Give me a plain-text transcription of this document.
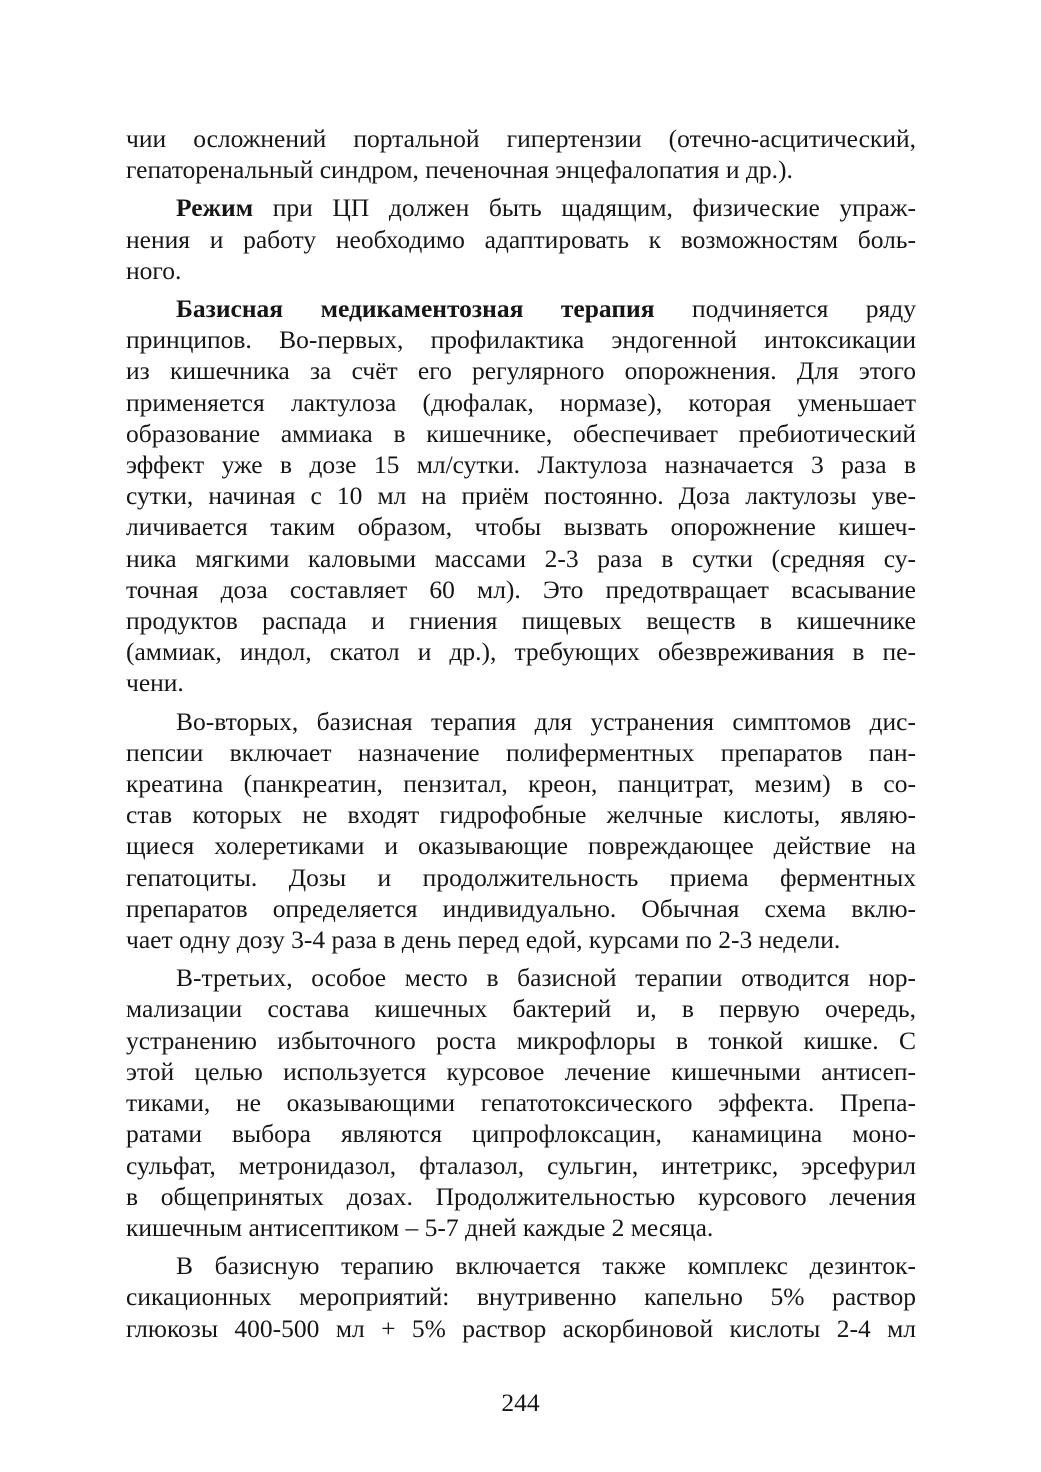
чии осложнений портальной гипертензии (отечно-асцитический,
гепаторенальный синдром, печеночная энцефалопатия и др.).
Режим при ЦП должен быть щадящим, физические упраж-
нения и работу необходимо адаптировать к возможностям боль-
ного.
Базисная медикаментозная терапия подчиняется ряду
принципов. Во-первых, профилактика эндогенной интоксикации
из кишечника за счёт его регулярного опорожнения. Для этого
применяется лактулоза (дюфалак, нормазе), которая уменьшает
образование аммиака в кишечнике, обеспечивает пребиотический
эффект уже в дозе 15 мл/сутки. Лактулоза назначается 3 раза в
сутки, начиная с 10 мл на приём постоянно. Доза лактулозы уве-
личивается таким образом, чтобы вызвать опорожнение кишеч-
ника мягкими каловыми массами 2-3 раза в сутки (средняя су-
точная доза составляет 60 мл). Это предотвращает всасывание
продуктов распада и гниения пищевых веществ в кишечнике
(аммиак, индол, скатол и др.), требующих обезвреживания в пе-
чени.
Во-вторых, базисная терапия для устранения симптомов дис-
пепсии включает назначение полиферментных препаратов пан-
креатина (панкреатин, пензитал, креон, панцитрат, мезим) в со-
став которых не входят гидрофобные желчные кислоты, являю-
щиеся холеретиками и оказывающие повреждающее действие на
гепатоциты. Дозы и продолжительность приема ферментных
препаратов определяется индивидуально. Обычная схема вклю-
чает одну дозу 3-4 раза в день перед едой, курсами по 2-3 недели.
В-третьих, особое место в базисной терапии отводится нор-
мализации состава кишечных бактерий и, в первую очередь,
устранению избыточного роста микрофлоры в тонкой кишке. С
этой целью используется курсовое лечение кишечными антисеп-
тиками, не оказывающими гепатотоксического эффекта. Препа-
ратами выбора являются ципрофлоксацин, канамицина моно-
сульфат, метронидазол, фталазол, сульгин, интетрикс, эрсефурил
в общепринятых дозах. Продолжительностью курсового лечения
кишечным антисептиком – 5-7 дней каждые 2 месяца.
В базисную терапию включается также комплекс дезинток-
сикационных мероприятий: внутривенно капельно 5% раствор
глюкозы 400-500 мл + 5% раствор аскорбиновой кислоты 2-4 мл
244
